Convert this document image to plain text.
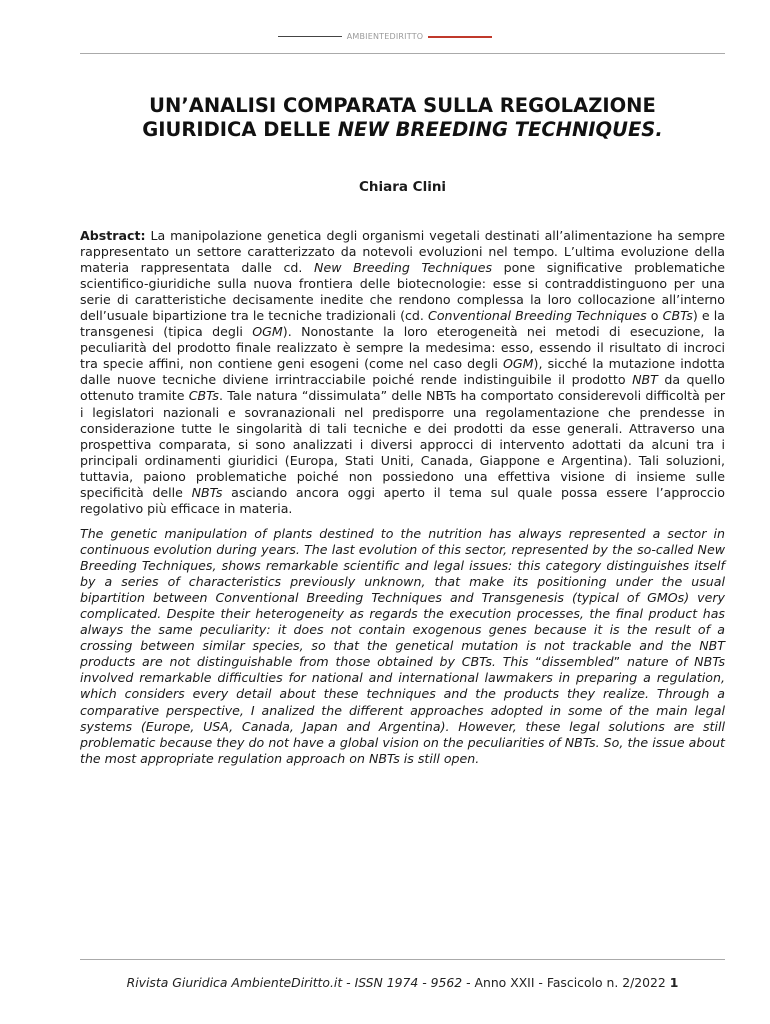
AMBIENTEDIRITTO
UN’ANALISI COMPARATA SULLA REGOLAZIONE
GIURIDICA DELLE NEW BREEDING TECHNIQUES.
Chiara Clini
Abstract: La manipolazione genetica degli organismi vegetali destinati all’alimentazione ha sempre rappresentato un settore caratterizzato da notevoli evoluzioni nel tempo. L’ultima evoluzione della materia rappresentata dalle cd. New Breeding Techniques pone significative problematiche scientifico-giuridiche sulla nuova frontiera delle biotecnologie: esse si contraddistinguono per una serie di caratteristiche decisamente inedite che rendono complessa la loro collocazione all’interno dell’usuale bipartizione tra le tecniche tradizionali (cd. Conventional Breeding Techniques o CBTs) e la transgenesi (tipica degli OGM). Nonostante la loro eterogeneità nei metodi di esecuzione, la peculiarità del prodotto finale realizzato è sempre la medesima: esso, essendo il risultato di incroci tra specie affini, non contiene geni esogeni (come nel caso degli OGM), sicché la mutazione indotta dalle nuove tecniche diviene irrintracciabile poiché rende indistinguibile il prodotto NBT da quello ottenuto tramite CBTs. Tale natura “dissimulata” delle NBTs ha comportato considerevoli difficoltà per i legislatori nazionali e sovranazionali nel predisporre una regolamentazione che prendesse in considerazione tutte le singolarità di tali tecniche e dei prodotti da esse generali. Attraverso una prospettiva comparata, si sono analizzati i diversi approcci di intervento adottati da alcuni tra i principali ordinamenti giuridici (Europa, Stati Uniti, Canada, Giappone e Argentina). Tali soluzioni, tuttavia, paiono problematiche poiché non possiedono una effettiva visione di insieme sulle specificità delle NBTs asciando ancora oggi aperto il tema sul quale possa essere l’approccio regolativo più efficace in materia.
The genetic manipulation of plants destined to the nutrition has always represented a sector in continuous evolution during years. The last evolution of this sector, represented by the so-called New Breeding Techniques, shows remarkable scientific and legal issues: this category distinguishes itself by a series of characteristics previously unknown, that make its positioning under the usual bipartition between Conventional Breeding Techniques and Transgenesis (typical of GMOs) very complicated. Despite their heterogeneity as regards the execution processes, the final product has always the same peculiarity: it does not contain exogenous genes because it is the result of a crossing between similar species, so that the genetical mutation is not trackable and the NBT products are not distinguishable from those obtained by CBTs. This “dissembled” nature of NBTs involved remarkable difficulties for national and international lawmakers in preparing a regulation, which considers every detail about these techniques and the products they realize. Through a comparative perspective, I analized the different approaches adopted in some of the main legal systems (Europe, USA, Canada, Japan and Argentina). However, these legal solutions are still problematic because they do not have a global vision on the peculiarities of NBTs. So, the issue about the most appropriate regulation approach on NBTs is still open.
Rivista Giuridica AmbienteDiritto.it - ISSN 1974 - 9562 - Anno XXII - Fascicolo n. 2/2022 1
